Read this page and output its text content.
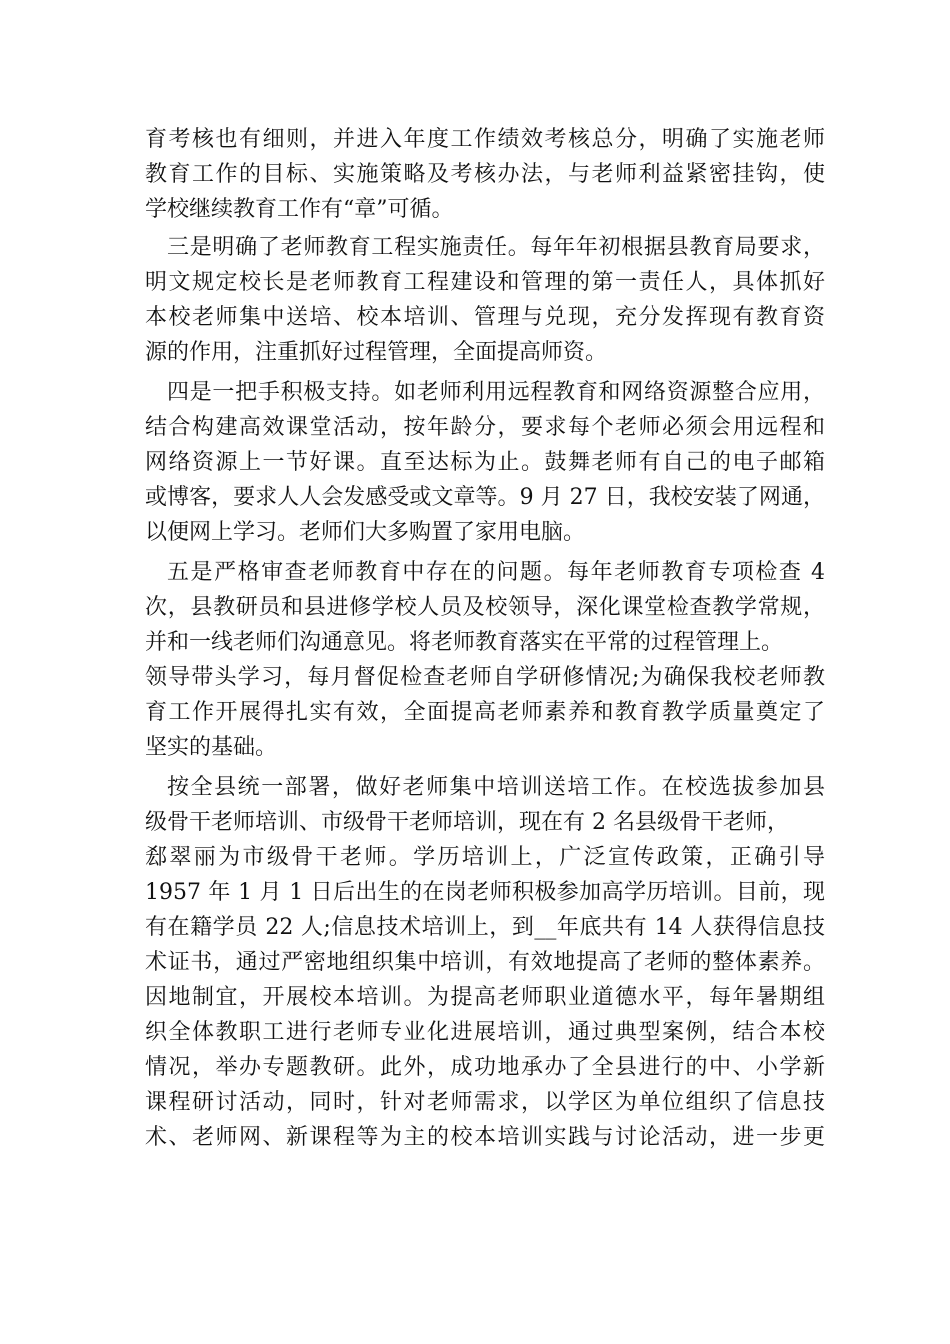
育考核也有细则，并进入年度工作绩效考核总分，明确了实施老师
教育工作的目标、实施策略及考核办法，与老师利益紧密挂钩，使
学校继续教育工作有“章”可循。
三是明确了老师教育工程实施责任。每年年初根据县教育局要求，
明文规定校长是老师教育工程建设和管理的第一责任人，具体抓好
本校老师集中送培、校本培训、管理与兑现，充分发挥现有教育资
源的作用，注重抓好过程管理，全面提高师资。
四是一把手积极支持。如老师利用远程教育和网络资源整合应用，
结合构建高效课堂活动，按年龄分，要求每个老师必须会用远程和
网络资源上一节好课。直至达标为止。鼓舞老师有自己的电子邮箱
或博客，要求人人会发感受或文章等。9 月 27 日，我校安装了网通，
以便网上学习。老师们大多购置了家用电脑。
五是严格审查老师教育中存在的问题。每年老师教育专项检查 4
次，县教研员和县进修学校人员及校领导，深化课堂检查教学常规，
并和一线老师们沟通意见。将老师教育落实在平常的过程管理上。
领导带头学习，每月督促检查老师自学研修情况;为确保我校老师教
育工作开展得扎实有效，全面提高老师素养和教育教学质量奠定了
坚实的基础。
按全县统一部署，做好老师集中培训送培工作。在校选拔参加县
级骨干老师培训、市级骨干老师培训，现在有 2 名县级骨干老师，
郄翠丽为市级骨干老师。学历培训上，广泛宣传政策，正确引导
1957 年 1 月 1 日后出生的在岗老师积极参加高学历培训。目前，现
有在籍学员 22 人;信息技术培训上，到__年底共有 14 人获得信息技
术证书，通过严密地组织集中培训，有效地提高了老师的整体素养。
因地制宜，开展校本培训。为提高老师职业道德水平，每年暑期组
织全体教职工进行老师专业化进展培训，通过典型案例，结合本校
情况，举办专题教研。此外，成功地承办了全县进行的中、小学新
课程研讨活动，同时，针对老师需求，以学区为单位组织了信息技
术、老师网、新课程等为主的校本培训实践与讨论活动，进一步更
